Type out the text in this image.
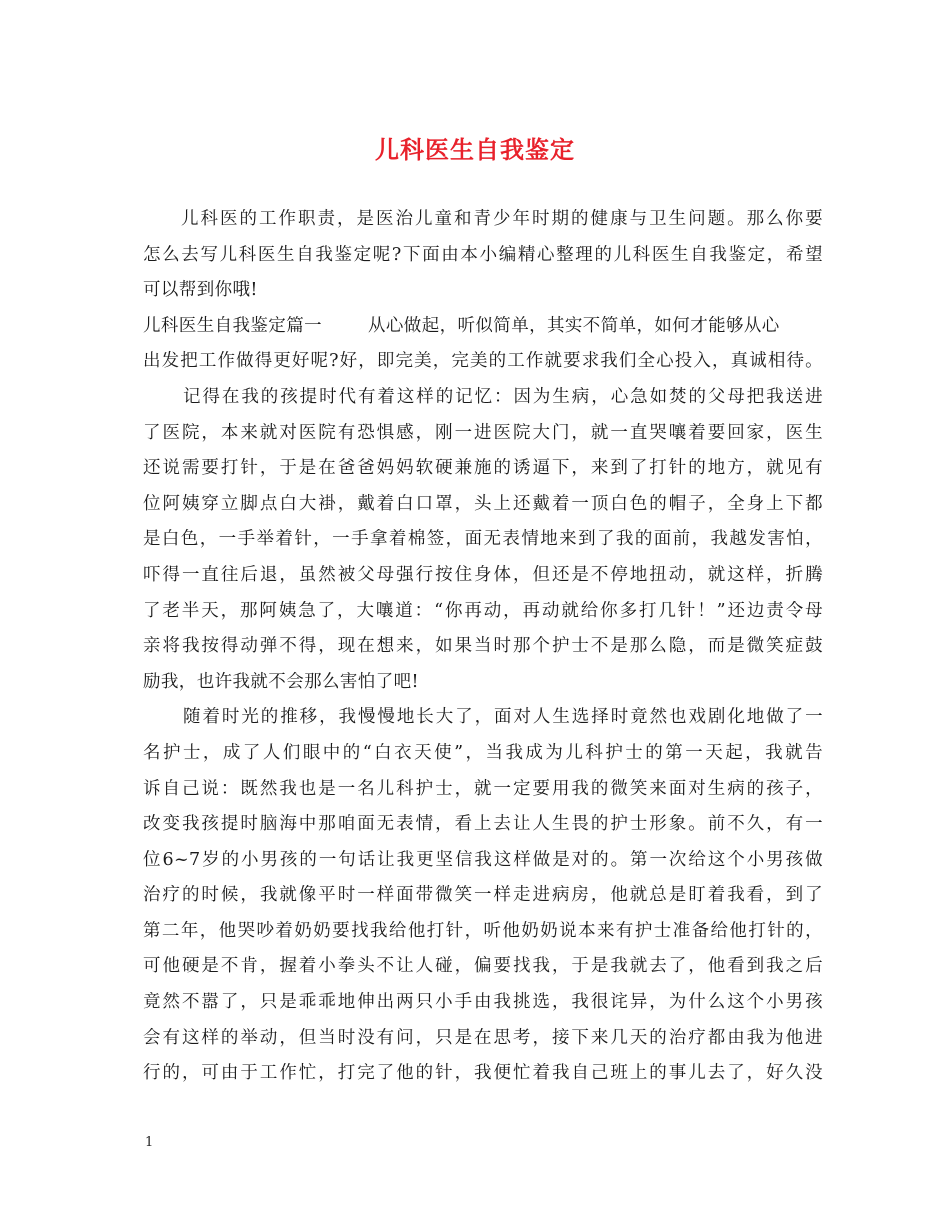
儿科医生自我鉴定
儿科医的工作职责，是医治儿童和青少年时期的健康与卫生问题。那么你要
怎么去写儿科医生自我鉴定呢?下面由本小编精心整理的儿科医生自我鉴定，希望
可以帮到你哦!
儿科医生自我鉴定篇一	从心做起，听似简单，其实不简单，如何才能够从心
出发把工作做得更好呢?好，即完美，完美的工作就要求我们全心投入，真诚相待。
记得在我的孩提时代有着这样的记忆：因为生病，心急如焚的父母把我送进
了医院，本来就对医院有恐惧感，刚一进医院大门，就一直哭嚷着要回家，医生
还说需要打针，于是在爸爸妈妈软硬兼施的诱逼下，来到了打针的地方，就见有
位阿姨穿立脚点白大褂，戴着白口罩，头上还戴着一顶白色的帽子，全身上下都
是白色，一手举着针，一手拿着棉签，面无表情地来到了我的面前，我越发害怕，
吓得一直往后退，虽然被父母强行按住身体，但还是不停地扭动，就这样，折腾
了老半天，那阿姨急了，大嚷道：“你再动，再动就给你多打几针！”还边责令母
亲将我按得动弹不得，现在想来，如果当时那个护士不是那么隐，而是微笑症鼓
励我，也许我就不会那么害怕了吧!
随着时光的推移，我慢慢地长大了，面对人生选择时竟然也戏剧化地做了一
名护士，成了人们眼中的“白衣天使”，当我成为儿科护士的第一天起，我就告
诉自己说：既然我也是一名儿科护士，就一定要用我的微笑来面对生病的孩子，
改变我孩提时脑海中那咱面无表情，看上去让人生畏的护士形象。前不久，有一
位6~7岁的小男孩的一句话让我更坚信我这样做是对的。第一次给这个小男孩做
治疗的时候，我就像平时一样面带微笑一样走进病房，他就总是盯着我看，到了
第二年，他哭吵着奶奶要找我给他打针，听他奶奶说本来有护士准备给他打针的，
可他硬是不肯，握着小拳头不让人碰，偏要找我，于是我就去了，他看到我之后
竟然不嚣了，只是乖乖地伸出两只小手由我挑选，我很诧异，为什么这个小男孩
会有这样的举动，但当时没有问，只是在思考，接下来几天的治疗都由我为他进
行的，可由于工作忙，打完了他的针，我便忙着我自己班上的事儿去了，好久没
1
